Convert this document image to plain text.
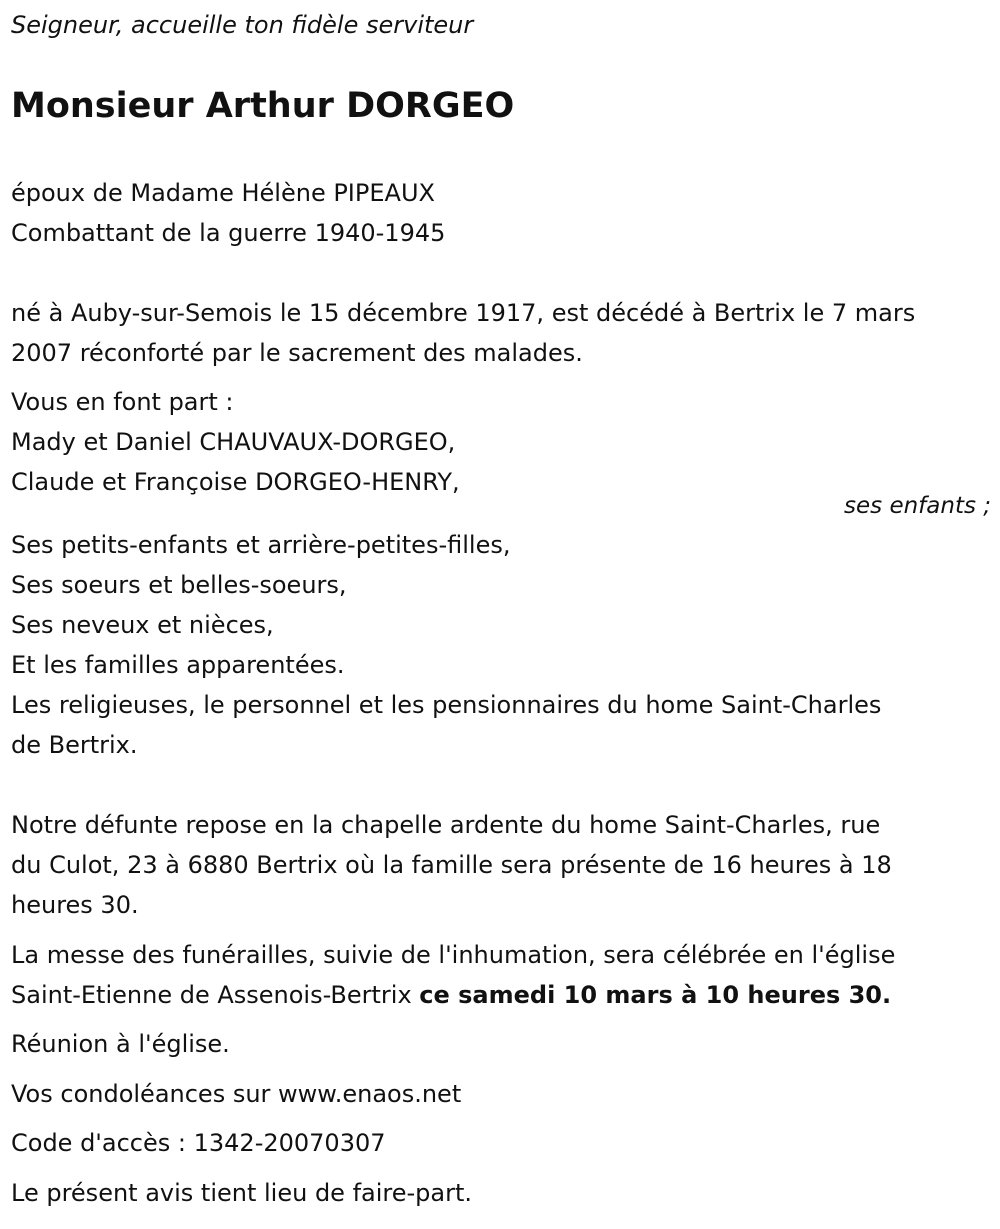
Seigneur, accueille ton fidèle serviteur
Monsieur Arthur DORGEO
époux de Madame Hélène PIPEAUX
Combattant de la guerre 1940-1945
né à Auby-sur-Semois le 15 décembre 1917, est décédé à Bertrix le 7 mars
2007 réconforté par le sacrement des malades.
Vous en font part :
Mady et Daniel CHAUVAUX-DORGEO,
Claude et Françoise DORGEO-HENRY,
ses enfants ;
Ses petits-enfants et arrière-petites-filles,
Ses soeurs et belles-soeurs,
Ses neveux et nièces,
Et les familles apparentées.
Les religieuses, le personnel et les pensionnaires du home Saint-Charles
de Bertrix.
Notre défunte repose en la chapelle ardente du home Saint-Charles, rue
du Culot, 23 à 6880 Bertrix où la famille sera présente de 16 heures à 18
heures 30.
La messe des funérailles, suivie de l'inhumation, sera célébrée en l'église
Saint-Etienne de Assenois-Bertrix ce samedi 10 mars à 10 heures 30.
Réunion à l'église.
Vos condoléances sur www.enaos.net
Code d'accès : 1342-20070307
Le présent avis tient lieu de faire-part.
